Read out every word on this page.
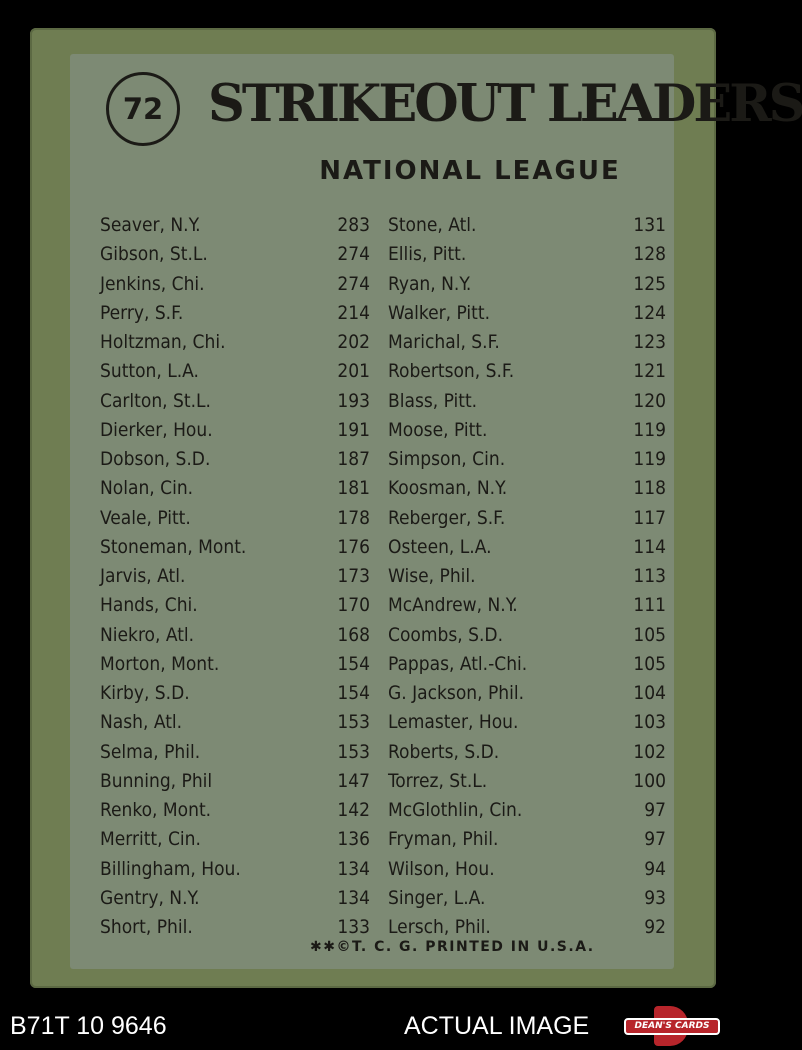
72 STRIKEOUT LEADERS
NATIONAL LEAGUE
Seaver, N.Y.	283
Gibson, St.L.	274
Jenkins, Chi.	274
Perry, S.F.	214
Holtzman, Chi.	202
Sutton, L.A.	201
Carlton, St.L.	193
Dierker, Hou.	191
Dobson, S.D.	187
Nolan, Cin.	181
Veale, Pitt.	178
Stoneman, Mont.	176
Jarvis, Atl.	173
Hands, Chi.	170
Niekro, Atl.	168
Morton, Mont.	154
Kirby, S.D.	154
Nash, Atl.	153
Selma, Phil.	153
Bunning, Phil	147
Renko, Mont.	142
Merritt, Cin.	136
Billingham, Hou.	134
Gentry, N.Y.	134
Short, Phil.	133
Stone, Atl.	131
Ellis, Pitt.	128
Ryan, N.Y.	125
Walker, Pitt.	124
Marichal, S.F.	123
Robertson, S.F.	121
Blass, Pitt.	120
Moose, Pitt.	119
Simpson, Cin.	119
Koosman, N.Y.	118
Reberger, S.F.	117
Osteen, L.A.	114
Wise, Phil.	113
McAndrew, N.Y.	111
Coombs, S.D.	105
Pappas, Atl.-Chi.	105
G. Jackson, Phil.	104
Lemaster, Hou.	103
Roberts, S.D.	102
Torrez, St.L.	100
McGlothlin, Cin.	97
Fryman, Phil.	97
Wilson, Hou.	94
Singer, L.A.	93
Lersch, Phil.	92
✱✱©T. C. G. PRINTED IN U.S.A.
B71T 10 9646	ACTUAL IMAGE	DEAN'S CARDS
